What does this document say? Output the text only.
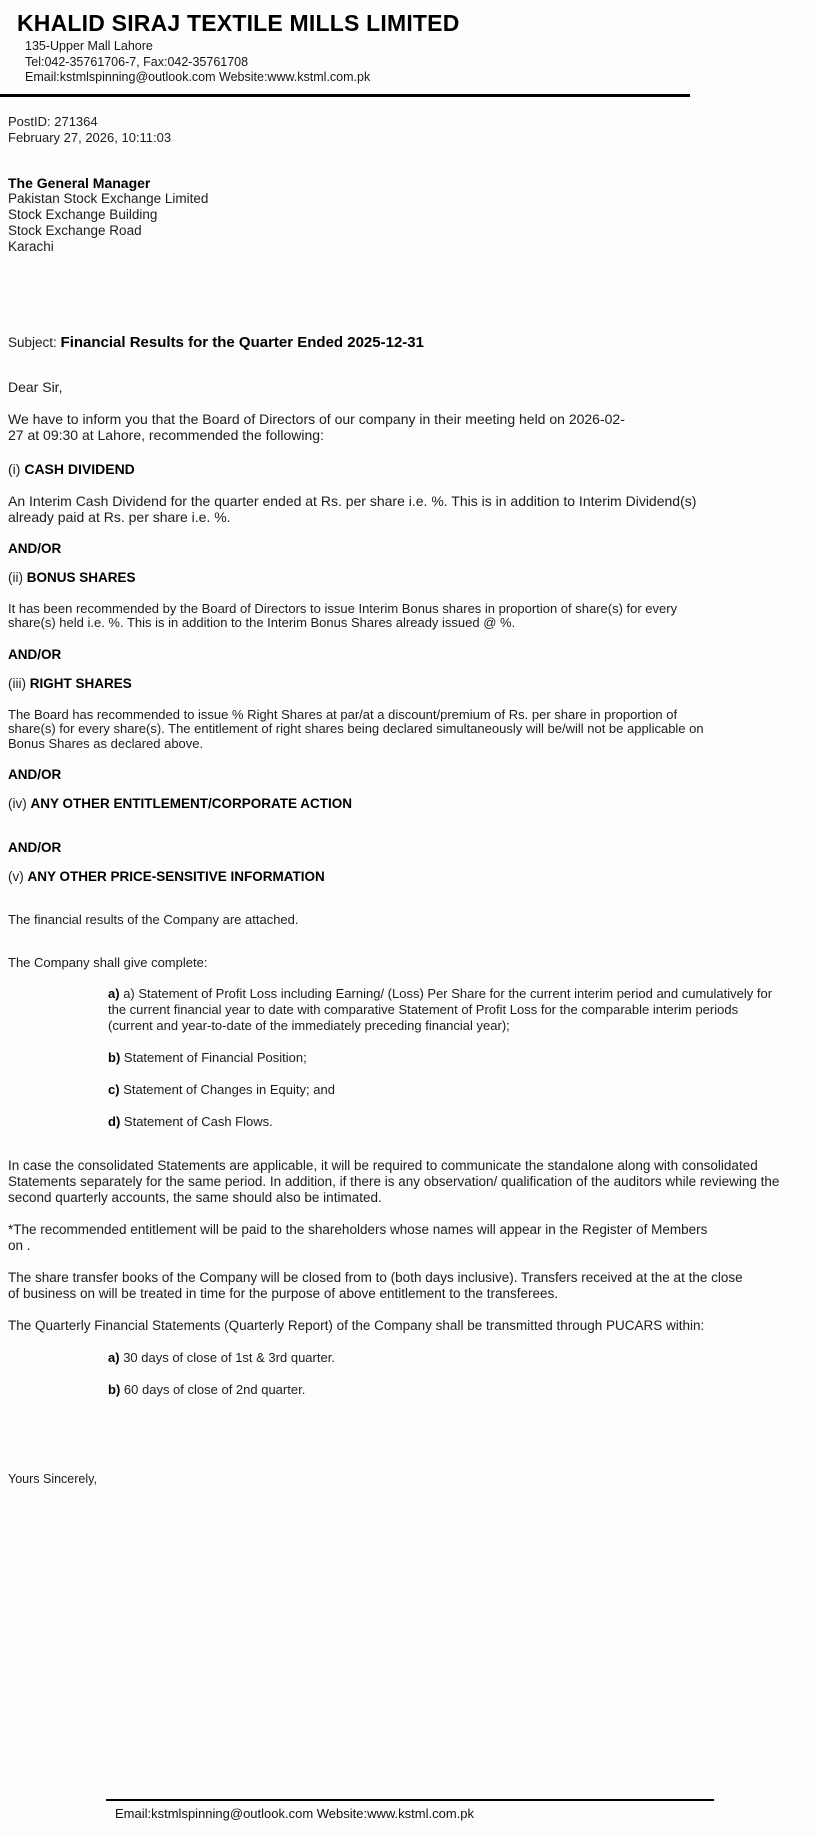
KHALID SIRAJ TEXTILE MILLS LIMITED
135-Upper Mall Lahore
Tel:042-35761706-7, Fax:042-35761708
Email:kstmlspinning@outlook.com Website:www.kstml.com.pk
PostID: 271364
February 27, 2026, 10:11:03
The General Manager
Pakistan Stock Exchange Limited
Stock Exchange Building
Stock Exchange Road
Karachi

Subject: Financial Results for the Quarter Ended 2025-12-31

Dear Sir,

We have to inform you that the Board of Directors of our company in their meeting held on 2026-02-27 at 09:30 at Lahore, recommended the following:

(i) CASH DIVIDEND

An Interim Cash Dividend for the quarter ended at Rs. per share i.e. %. This is in addition to Interim Dividend(s) already paid at Rs. per share i.e. %.

AND/OR

(ii) BONUS SHARES

It has been recommended by the Board of Directors to issue Interim Bonus shares in proportion of share(s) for every share(s) held i.e. %. This is in addition to the Interim Bonus Shares already issued @ %.

AND/OR

(iii) RIGHT SHARES

The Board has recommended to issue % Right Shares at par/at a discount/premium of Rs. per share in proportion of share(s) for every share(s). The entitlement of right shares being declared simultaneously will be/will not be applicable on Bonus Shares as declared above.

AND/OR

(iv) ANY OTHER ENTITLEMENT/CORPORATE ACTION

AND/OR

(v) ANY OTHER PRICE-SENSITIVE INFORMATION

The financial results of the Company are attached.

The Company shall give complete:

a) a) Statement of Profit Loss including Earning/ (Loss) Per Share for the current interim period and cumulatively for the current financial year to date with comparative Statement of Profit Loss for the comparable interim periods (current and year-to-date of the immediately preceding financial year);

b) Statement of Financial Position;

c) Statement of Changes in Equity; and

d) Statement of Cash Flows.

In case the consolidated Statements are applicable, it will be required to communicate the standalone along with consolidated Statements separately for the same period. In addition, if there is any observation/ qualification of the auditors while reviewing the second quarterly accounts, the same should also be intimated.

*The recommended entitlement will be paid to the shareholders whose names will appear in the Register of Members on .

The share transfer books of the Company will be closed from to (both days inclusive). Transfers received at the at the close
of business on will be treated in time for the purpose of above entitlement to the transferees.

The Quarterly Financial Statements (Quarterly Report) of the Company shall be transmitted through PUCARS within:

a) 30 days of close of 1st & 3rd quarter.

b) 60 days of close of 2nd quarter.

Yours Sincerely,

Email:kstmlspinning@outlook.com Website:www.kstml.com.pk
